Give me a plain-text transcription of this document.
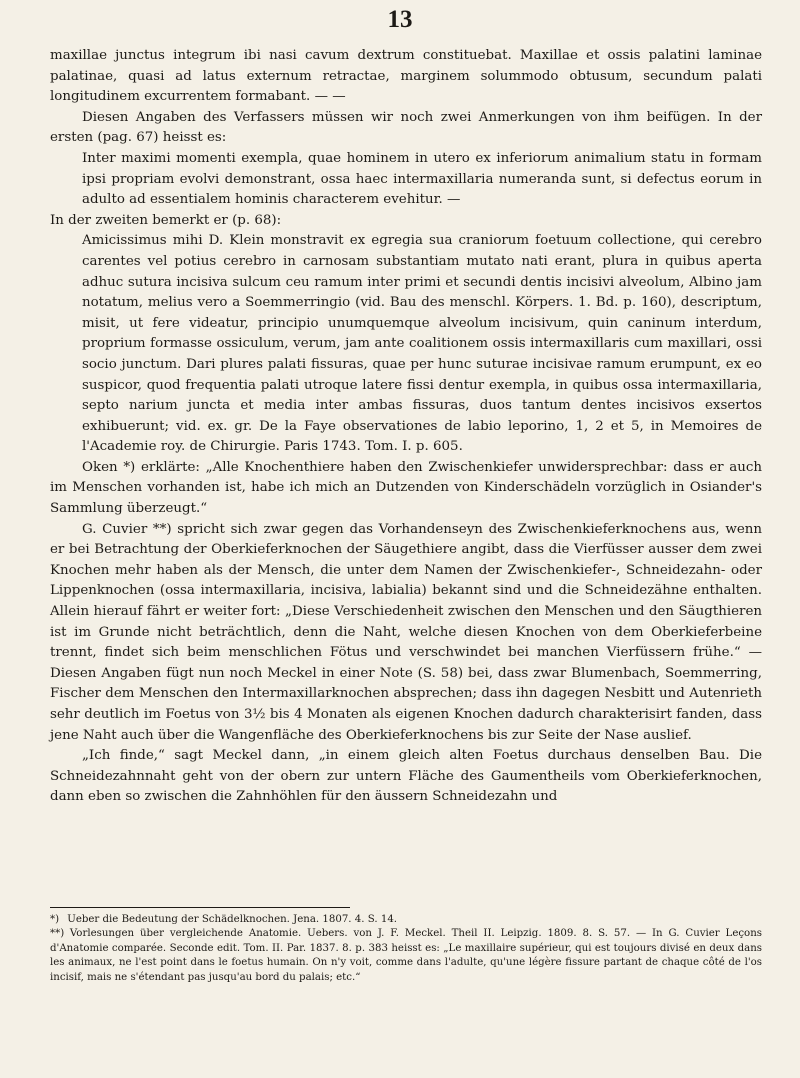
13

maxillae junctus integrum ibi nasi cavum dextrum constituebat. Maxillae et ossis palatini laminae palatinae, quasi ad latus externum retractae, marginem solummodo obtusum, secundum palati longitudinem excurrentem formabant. — —

Diesen Angaben des Verfassers müssen wir noch zwei Anmerkungen von ihm beifügen. In der ersten (pag. 67) heisst es:

Inter maximi momenti exempla, quae hominem in utero ex inferiorum animalium statu in formam ipsi propriam evolvi demonstrant, ossa haec intermaxillaria numeranda sunt, si defectus eorum in adulto ad essentialem hominis characterem evehitur. —

In der zweiten bemerkt er (p. 68):

Amicissimus mihi D. Klein monstravit ex egregia sua craniorum foetuum collectione, qui cerebro carentes vel potius cerebro in carnosam substantiam mutato nati erant, plura in quibus aperta adhuc sutura incisiva sulcum ceu ramum inter primi et secundi dentis incisivi alveolum, Albino jam notatum, melius vero a Soemmerringio (vid. Bau des menschl. Körpers. 1. Bd. p. 160), descriptum, misit, ut fere videatur, principio unumquemque alveolum incisivum, quin caninum interdum, proprium formasse ossiculum, verum, jam ante coalitionem ossis intermaxillaris cum maxillari, ossi socio junctum. Dari plures palati fissuras, quae per hunc suturae incisivae ramum erumpunt, ex eo suspicor, quod frequentia palati utroque latere fissi dentur exempla, in quibus ossa intermaxillaria, septo narium juncta et media inter ambas fissuras, duos tantum dentes incisivos exsertos exhibuerunt; vid. ex. gr. De la Faye observationes de labio leporino, 1, 2 et 5, in Memoires de l'Academie roy. de Chirurgie. Paris 1743. Tom. I. p. 605.

Oken *) erklärte: „Alle Knochenthiere haben den Zwischenkiefer unwidersprechbar: dass er auch im Menschen vorhanden ist, habe ich mich an Dutzenden von Kinderschädeln vorzüglich in Osiander's Sammlung überzeugt.“

G. Cuvier **) spricht sich zwar gegen das Vorhandenseyn des Zwischenkieferknochens aus, wenn er bei Betrachtung der Oberkieferknochen der Säugethiere angibt, dass die Vierfüsser ausser dem zwei Knochen mehr haben als der Mensch, die unter dem Namen der Zwischenkiefer-, Schneidezahn- oder Lippenknochen (ossa intermaxillaria, incisiva, labialia) bekannt sind und die Schneidezähne enthalten. Allein hierauf fährt er weiter fort: „Diese Verschiedenheit zwischen den Menschen und den Säugthieren ist im Grunde nicht beträchtlich, denn die Naht, welche diesen Knochen von dem Oberkieferbeine trennt, findet sich beim menschlichen Fötus und verschwindet bei manchen Vierfüssern frühe.“ — Diesen Angaben fügt nun noch Meckel in einer Note (S. 58) bei, dass zwar Blumenbach, Soemmerring, Fischer dem Menschen den Intermaxillarknochen absprechen; dass ihn dagegen Nesbitt und Autenrieth sehr deutlich im Foetus von 3½ bis 4 Monaten als eigenen Knochen dadurch charakterisirt fanden, dass jene Naht auch über die Wangenfläche des Oberkieferknochens bis zur Seite der Nase auslief.

„Ich finde,“ sagt Meckel dann, „in einem gleich alten Foetus durchaus denselben Bau. Die Schneidezahnnaht geht von der obern zur untern Fläche des Gaumentheils vom Oberkieferknochen, dann eben so zwischen die Zahnhöhlen für den äussern Schneidezahn und

*) Ueber die Bedeutung der Schädelknochen. Jena. 1807. 4. S. 14.

**) Vorlesungen über vergleichende Anatomie. Uebers. von J. F. Meckel. Theil II. Leipzig. 1809. 8. S. 57. — In G. Cuvier Leçons d'Anatomie comparée. Seconde edit. Tom. II. Par. 1837. 8. p. 383 heisst es: „Le maxillaire supérieur, qui est toujours divisé en deux dans les animaux, ne l'est point dans le foetus humain. On n'y voit, comme dans l'adulte, qu'une légère fissure partant de chaque côté de l'os incisif, mais ne s'étendant pas jusqu'au bord du palais; etc.“
